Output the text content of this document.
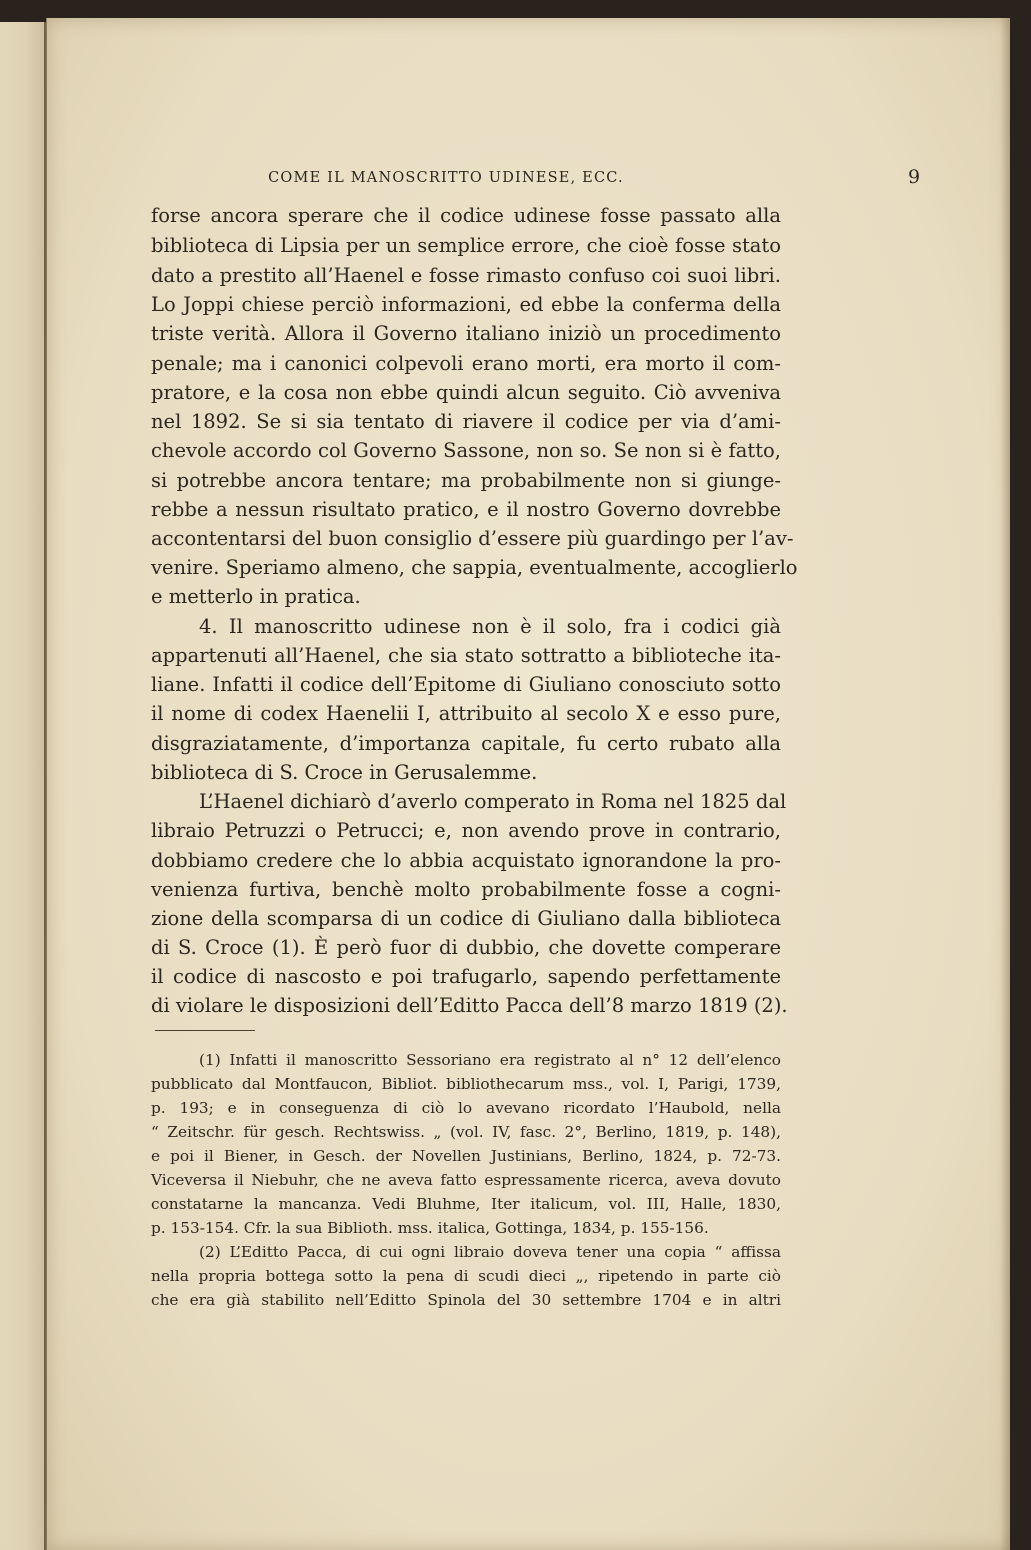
COME IL MANOSCRITTO UDINESE, ECC.	9
forse ancora sperare che il codice udinese fosse passato alla
biblioteca di Lipsia per un semplice errore, che cioè fosse stato
dato a prestito all’Haenel e fosse rimasto confuso coi suoi libri.
Lo Joppi chiese perciò informazioni, ed ebbe la conferma della
triste verità. Allora il Governo italiano iniziò un procedimento
penale; ma i canonici colpevoli erano morti, era morto il com-
pratore, e la cosa non ebbe quindi alcun seguito. Ciò avveniva
nel 1892. Se si sia tentato di riavere il codice per via d’ami-
chevole accordo col Governo Sassone, non so. Se non si è fatto,
si potrebbe ancora tentare; ma probabilmente non si giunge-
rebbe a nessun risultato pratico, e il nostro Governo dovrebbe
accontentarsi del buon consiglio d’essere più guardingo per l’av-
venire. Speriamo almeno, che sappia, eventualmente, accoglierlo
e metterlo in pratica.
4. Il manoscritto udinese non è il solo, fra i codici già
appartenuti all’Haenel, che sia stato sottratto a biblioteche ita-
liane. Infatti il codice dell’Epitome di Giuliano conosciuto sotto
il nome di codex Haenelii I, attribuito al secolo X e esso pure,
disgraziatamente, d’importanza capitale, fu certo rubato alla
biblioteca di S. Croce in Gerusalemme.
L’Haenel dichiarò d’averlo comperato in Roma nel 1825 dal
libraio Petruzzi o Petrucci; e, non avendo prove in contrario,
dobbiamo credere che lo abbia acquistato ignorandone la pro-
venienza furtiva, benchè molto probabilmente fosse a cogni-
zione della scomparsa di un codice di Giuliano dalla biblioteca
di S. Croce (1). È però fuor di dubbio, che dovette comperare
il codice di nascosto e poi trafugarlo, sapendo perfettamente
di violare le disposizioni dell’Editto Pacca dell’8 marzo 1819 (2).
(1) Infatti il manoscritto Sessoriano era registrato al n° 12 dell’elenco
pubblicato dal Montfaucon, Bibliot. bibliothecarum mss., vol. I, Parigi, 1739,
p. 193; e in conseguenza di ciò lo avevano ricordato l’Haubold, nella
“ Zeitschr. für gesch. Rechtswiss. „ (vol. IV, fasc. 2°, Berlino, 1819, p. 148),
e poi il Biener, in Gesch. der Novellen Justinians, Berlino, 1824, p. 72-73.
Viceversa il Niebuhr, che ne aveva fatto espressamente ricerca, aveva dovuto
constatarne la mancanza. Vedi Bluhme, Iter italicum, vol. III, Halle, 1830,
p. 153-154. Cfr. la sua Biblioth. mss. italica, Gottinga, 1834, p. 155-156.
(2) L’Editto Pacca, di cui ogni libraio doveva tener una copia “ affissa
nella propria bottega sotto la pena di scudi dieci „, ripetendo in parte ciò
che era già stabilito nell’Editto Spinola del 30 settembre 1704 e in altri
